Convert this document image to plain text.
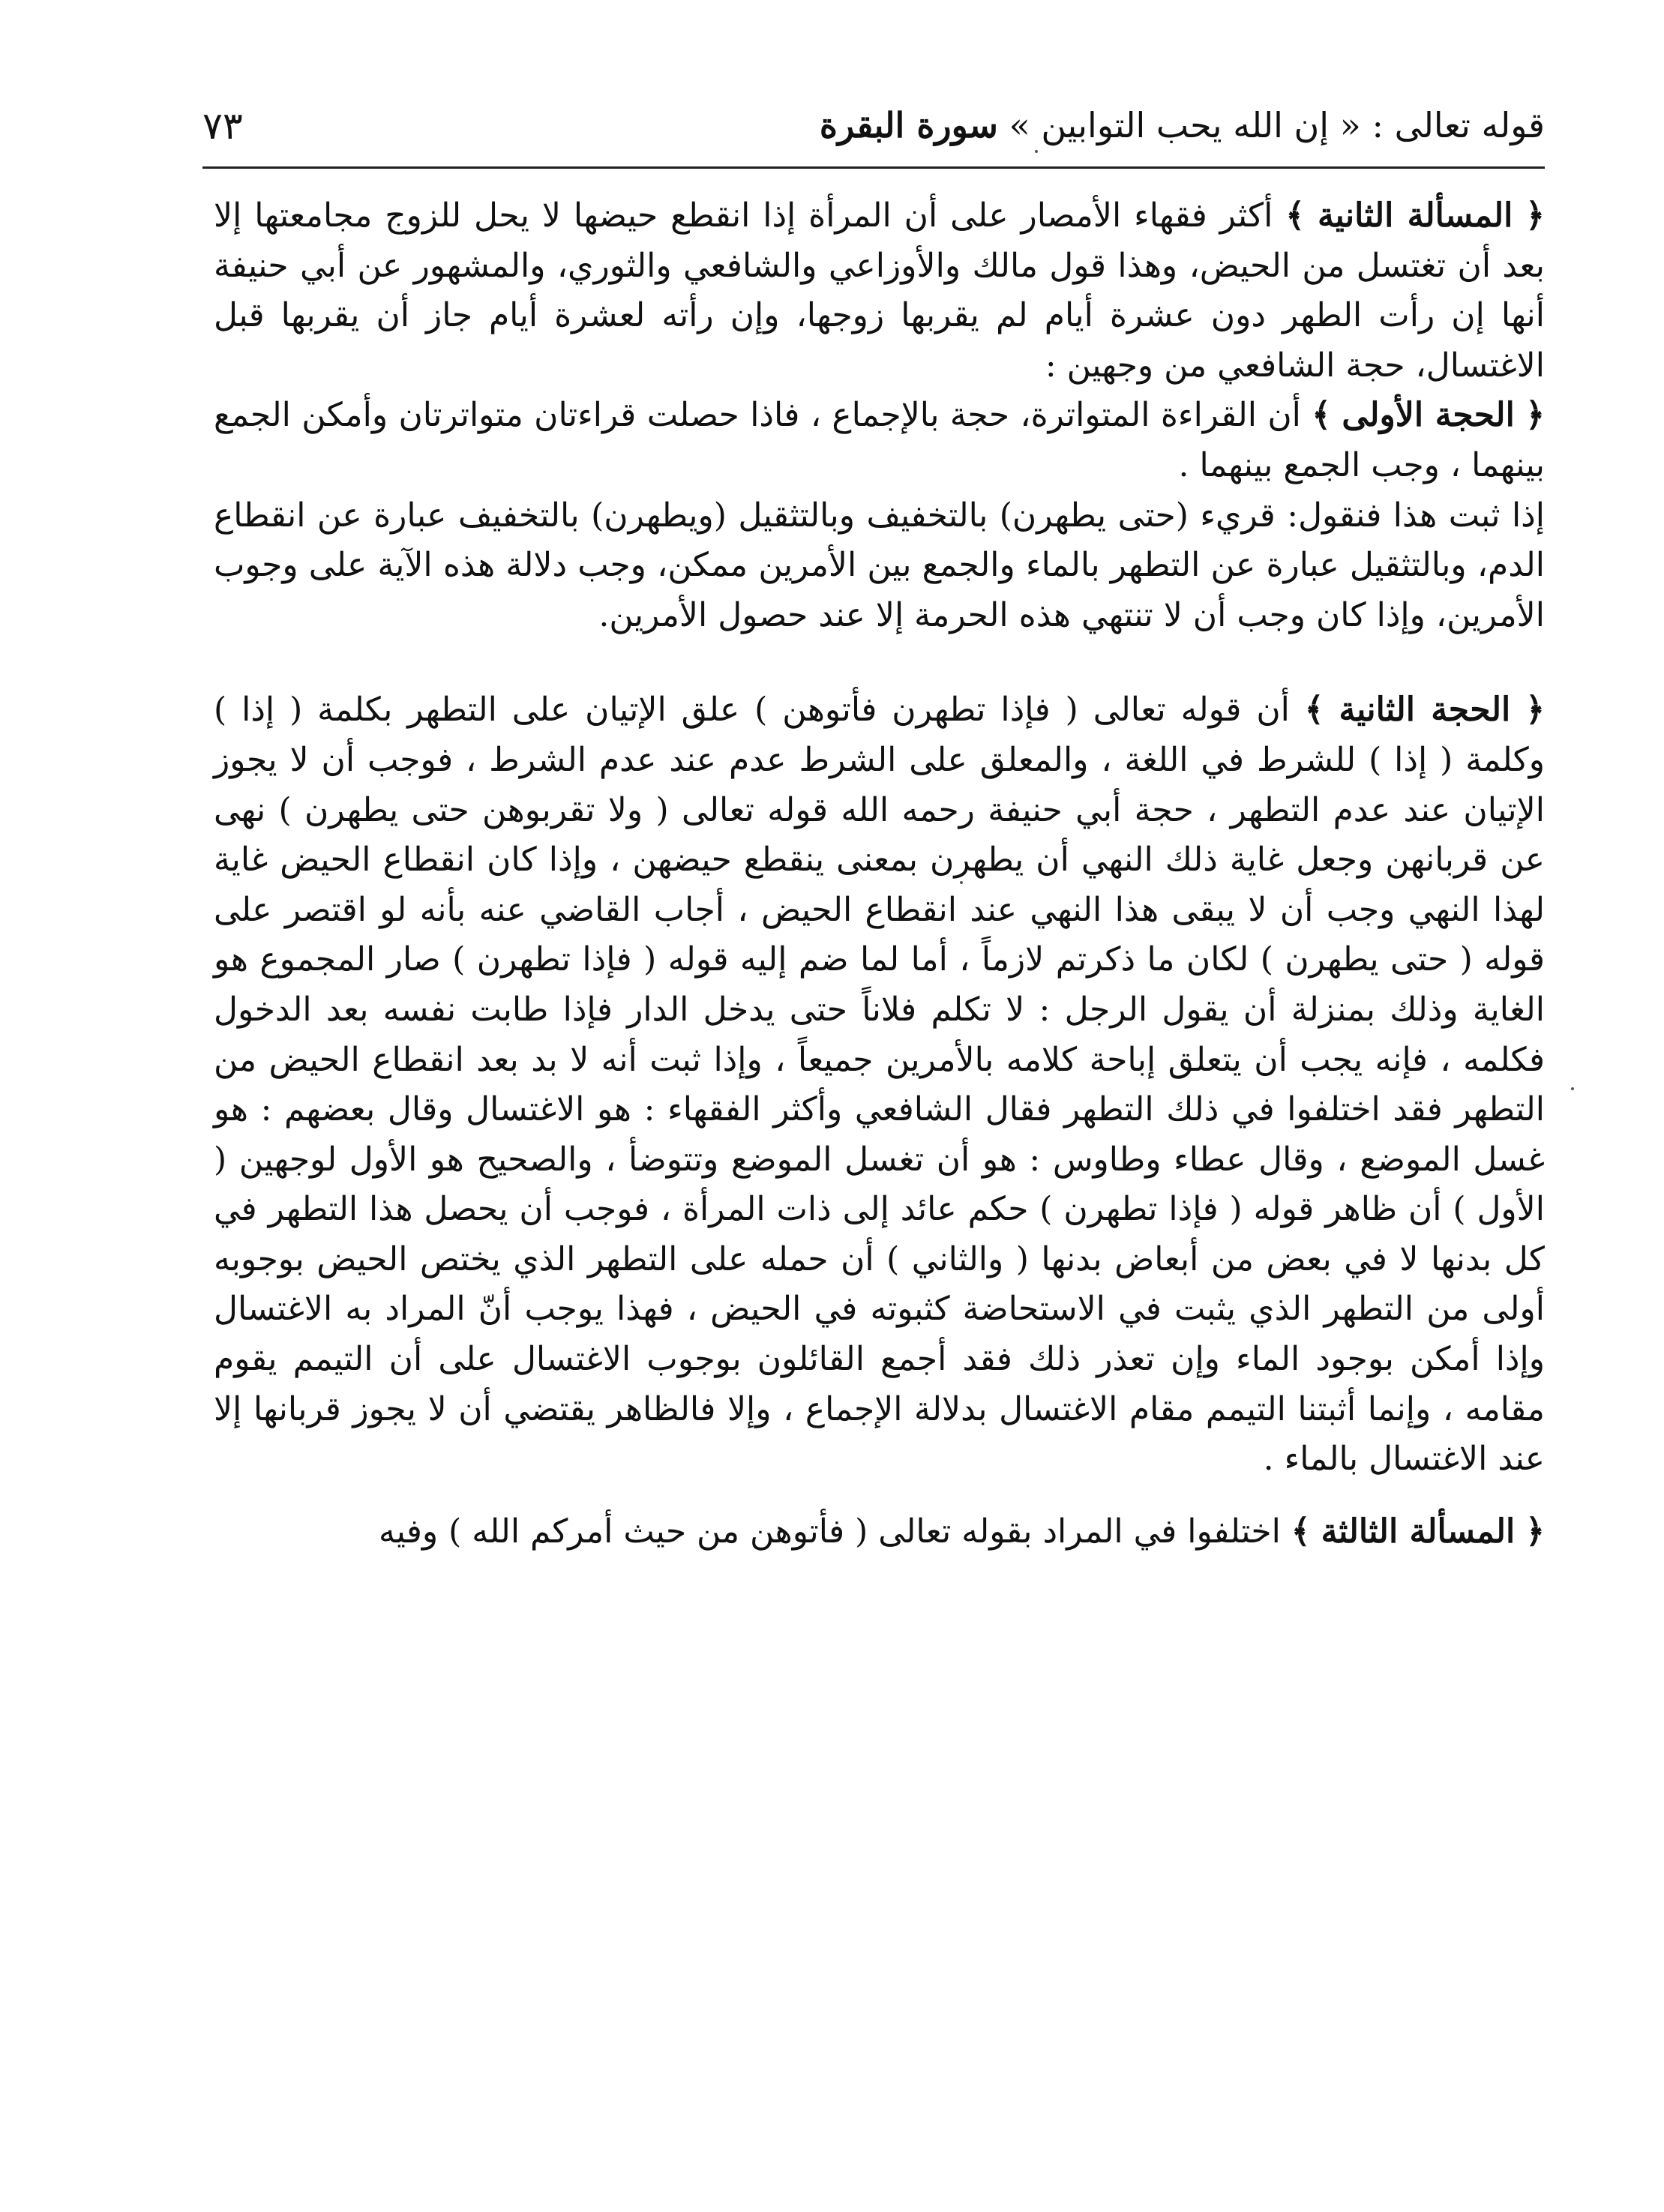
٧٣	قوله تعالى : « إن الله يحب التوابين » سورة البقرة

﴿ المسألة الثانية ﴾ أكثر فقهاء الأمصار على أن المرأة إذا انقطع حيضها لا يحل للزوج مجامعتها إلا بعد أن تغتسل من الحيض، وهذا قول مالك والأوزاعي والشافعي والثوري، والمشهور عن أبي حنيفة أنها إن رأت الطهر دون عشرة أيام لم يقربها زوجها، وإن رأته لعشرة أيام جاز أن يقربها قبل الاغتسال، حجة الشافعي من وجهين :

﴿ الحجة الأولى ﴾ أن القراءة المتواترة، حجة بالإجماع ، فاذا حصلت قراءتان متواترتان وأمكن الجمع بينهما ، وجب الجمع بينهما .

إذا ثبت هذا فنقول: قريء (حتى يطهرن) بالتخفيف وبالتثقيل (ويطهرن) بالتخفيف عبارة عن انقطاع الدم، وبالتثقيل عبارة عن التطهر بالماء والجمع بين الأمرين ممكن، وجب دلالة هذه الآية على وجوب الأمرين، وإذا كان وجب أن لا تنتهي هذه الحرمة إلا عند حصول الأمرين.

﴿ الحجة الثانية ﴾ أن قوله تعالى ( فإذا تطهرن فأتوهن ) علق الإتيان على التطهر بكلمة ( إذا ) وكلمة ( إذا ) للشرط في اللغة ، والمعلق على الشرط عدم عند عدم الشرط ، فوجب أن لا يجوز الإتيان عند عدم التطهر ، حجة أبي حنيفة رحمه الله قوله تعالى ( ولا تقربوهن حتى يطهرن ) نهى عن قربانهن وجعل غاية ذلك النهي أن يطهرن بمعنى ينقطع حيضهن ، وإذا كان انقطاع الحيض غاية لهذا النهي وجب أن لا يبقى هذا النهي عند انقطاع الحيض ، أجاب القاضي عنه بأنه لو اقتصر على قوله ( حتى يطهرن ) لكان ما ذكرتم لازماً ، أما لما ضم إليه قوله ( فإذا تطهرن ) صار المجموع هو الغاية وذلك بمنزلة أن يقول الرجل : لا تكلم فلاناً حتى يدخل الدار فإذا طابت نفسه بعد الدخول فكلمه ، فإنه يجب أن يتعلق إباحة كلامه بالأمرين جميعاً ، وإذا ثبت أنه لا بد بعد انقطاع الحيض من التطهر فقد اختلفوا في ذلك التطهر فقال الشافعي وأكثر الفقهاء : هو الاغتسال وقال بعضهم : هو غسل الموضع ، وقال عطاء وطاوس : هو أن تغسل الموضع وتتوضأ ، والصحيح هو الأول لوجهين ( الأول ) أن ظاهر قوله ( فإذا تطهرن ) حكم عائد إلى ذات المرأة ، فوجب أن يحصل هذا التطهر في كل بدنها لا في بعض من أبعاض بدنها ( والثاني ) أن حمله على التطهر الذي يختص الحيض بوجوبه أولى من التطهر الذي يثبت في الاستحاضة كثبوته في الحيض ، فهذا يوجب أنّ المراد به الاغتسال وإذا أمكن بوجود الماء وإن تعذر ذلك فقد أجمع القائلون بوجوب الاغتسال على أن التيمم يقوم مقامه ، وإنما أثبتنا التيمم مقام الاغتسال بدلالة الإجماع ، وإلا فالظاهر يقتضي أن لا يجوز قربانها إلا عند الاغتسال بالماء .

﴿ المسألة الثالثة ﴾ اختلفوا في المراد بقوله تعالى ( فأتوهن من حيث أمركم الله ) وفيه
